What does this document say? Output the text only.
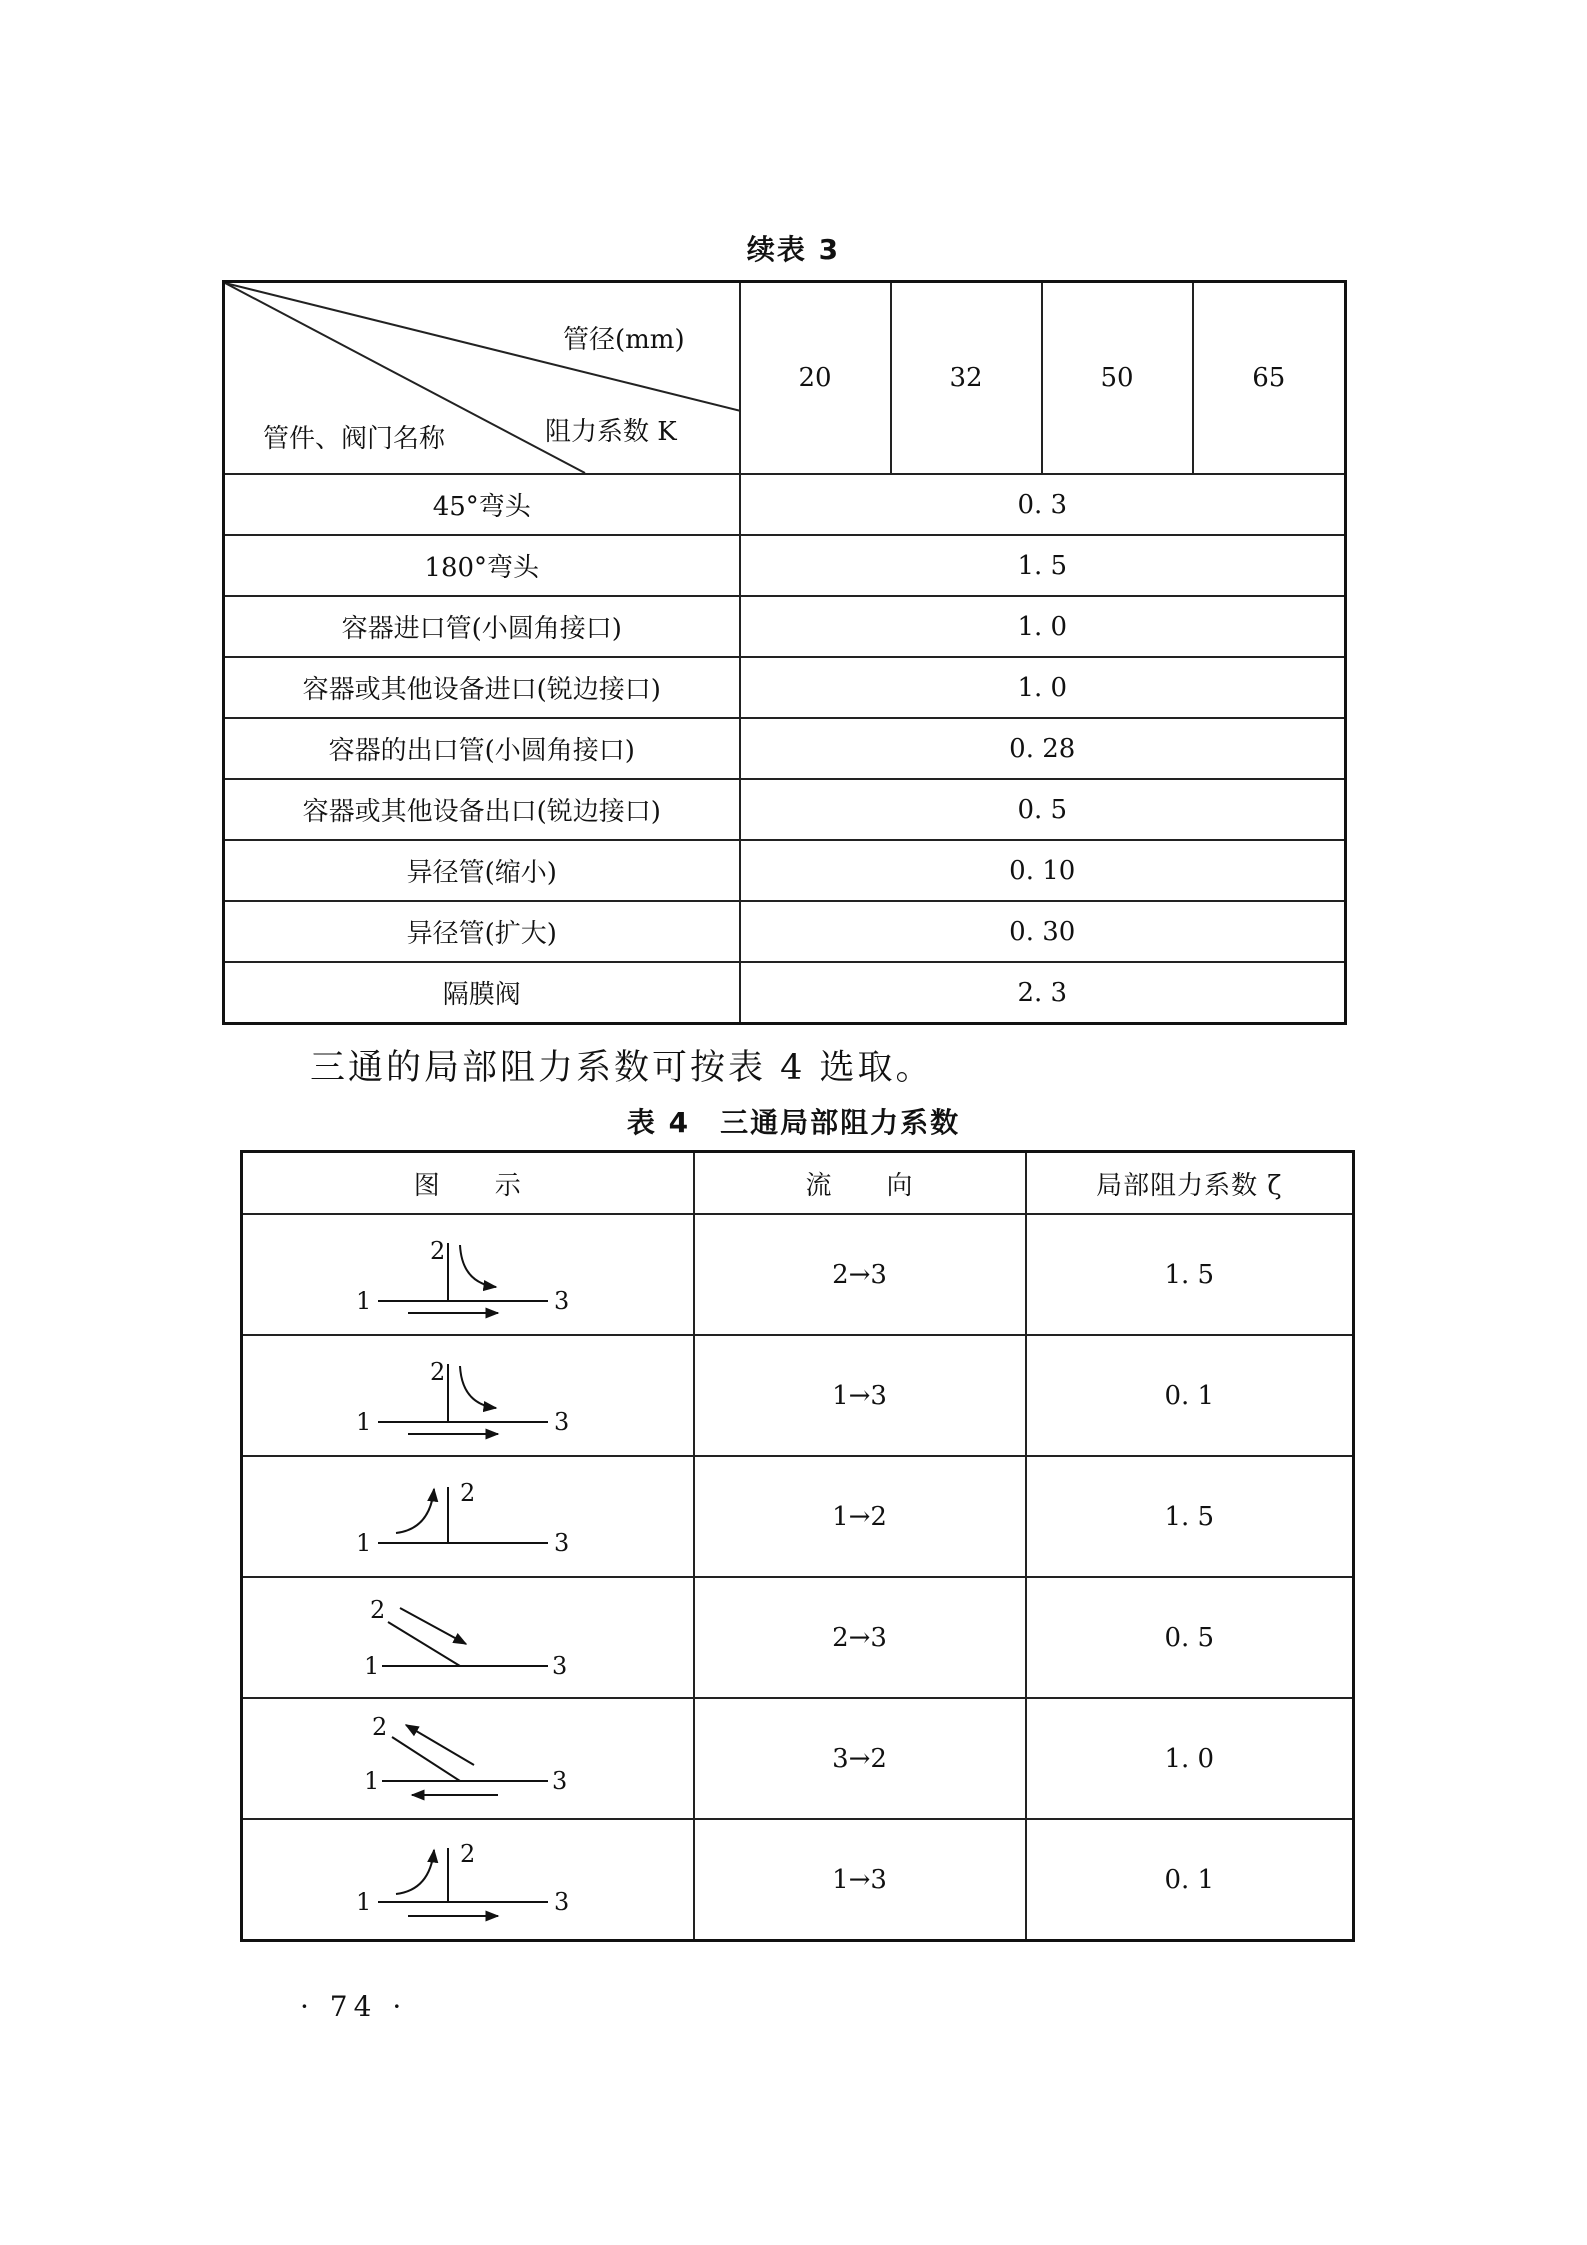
续表 3
管径(mm)
阻力系数 K
管件、阀门名称	20	32	50	65
45°弯头	0. 3			
180°弯头	1. 5			
容器进口管(小圆角接口)	1. 0			
容器或其他设备进口(锐边接口)	1. 0			
容器的出口管(小圆角接口)	0. 28			
容器或其他设备出口(锐边接口)	0. 5			
异径管(缩小)	0. 10			
异径管(扩大)	0. 30			
隔膜阀	2. 3			
三通的局部阻力系数可按表 4 选取。
表 4　三通局部阻力系数
图　　示	流　　向	局部阻力系数 ζ

1
2
3	2→3	1. 5

1
2
3	1→3	0. 1

1
2
3	1→2	1. 5

1
2
3	2→3	0. 5

1
2
3	3→2	1. 0

1
2
3	1→3	0. 1
· 74 ·
